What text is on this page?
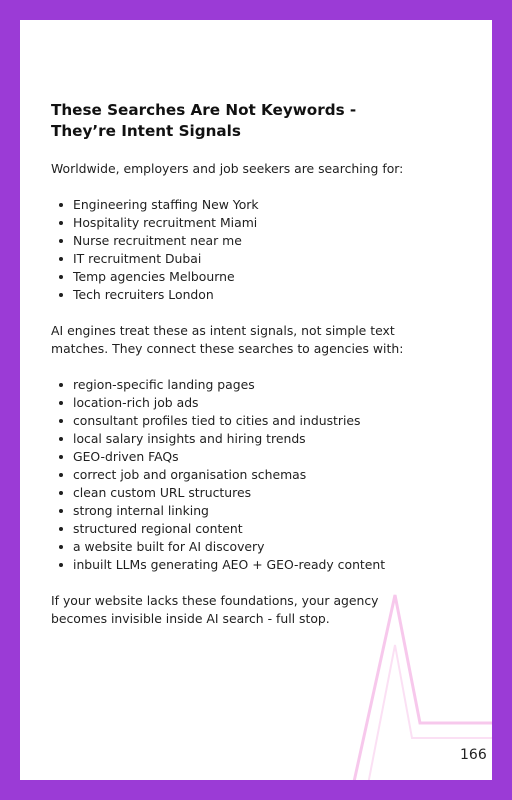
These Searches Are Not Keywords -
They’re Intent Signals

Worldwide, employers and job seekers are searching for:

Engineering staffing New York
Hospitality recruitment Miami
Nurse recruitment near me
IT recruitment Dubai
Temp agencies Melbourne
Tech recruiters London

AI engines treat these as intent signals, not simple text
matches. They connect these searches to agencies with:

region-specific landing pages
location-rich job ads
consultant profiles tied to cities and industries
local salary insights and hiring trends
GEO-driven FAQs
correct job and organisation schemas
clean custom URL structures
strong internal linking
structured regional content
a website built for AI discovery
inbuilt LLMs generating AEO + GEO-ready content

If your website lacks these foundations, your agency
becomes invisible inside AI search - full stop.

166
